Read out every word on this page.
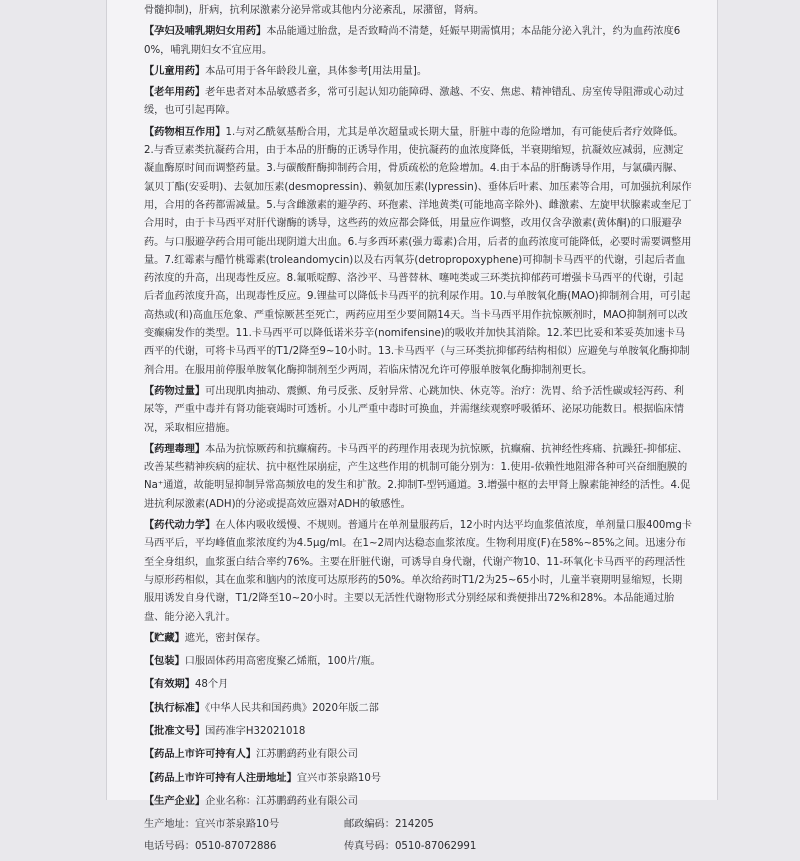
骨髓抑制)，肝病，抗利尿激素分泌异常或其他内分泌紊乱，尿潴留，肾病。

【孕妇及哺乳期妇女用药】本品能通过胎盘，是否致畸尚不清楚，妊娠早期需慎用；本品能分泌入乳汁，约为血药浓度60%，哺乳期妇女不宜应用。

【儿童用药】本品可用于各年龄段儿童，具体参考[用法用量]。

【老年用药】老年患者对本品敏感者多，常可引起认知功能障碍、激越、不安、焦虑、精神错乱、房室传导阻滞或心动过缓，也可引起再障。

【药物相互作用】1.与对乙酰氨基酚合用，尤其是单次超量或长期大量，肝脏中毒的危险增加，有可能使后者疗效降低。2.与香豆素类抗凝药合用，由于本品的肝酶的正诱导作用，使抗凝药的血浓度降低，半衰期缩短，抗凝效应减弱，应测定凝血酶原时间而调整药量。3.与碳酸酐酶抑制药合用，骨质疏松的危险增加。4.由于本品的肝酶诱导作用，与氯磺丙脲、氯贝丁酯(安妥明)、去氨加压素(desmopressin)、赖氨加压素(lypressin)、垂体后叶素、加压素等合用，可加强抗利尿作用，合用的各药都需减量。5.与含雌激素的避孕药、环孢素、洋地黄类(可能地高辛除外)、雌激素、左旋甲状腺素或奎尼丁合用时，由于卡马西平对肝代谢酶的诱导，这些药的效应都会降低，用量应作调整，改用仅含孕激素(黄体酮)的口服避孕药。与口服避孕药合用可能出现阴道大出血。6.与多西环素(强力霉素)合用，后者的血药浓度可能降低，必要时需要调整用量。7.红霉素与醋竹桃霉素(troleandomycin)以及右丙氧芬(detropropoxyphene)可抑制卡马西平的代谢，引起后者血药浓度的升高，出现毒性反应。8.氟哌啶醇、洛沙平、马普替林、噻吨类或三环类抗抑郁药可增强卡马西平的代谢，引起后者血药浓度升高，出现毒性反应。9.锂盐可以降低卡马西平的抗利尿作用。10.与单胺氧化酶(MAO)抑制剂合用，可引起高热或(和)高血压危象、严重惊厥甚至死亡，两药应用至少要间隔14天。当卡马西平用作抗惊厥剂时，MAO抑制剂可以改变癫痫发作的类型。11.卡马西平可以降低诺米芬辛(nomifensine)的吸收并加快其消除。12.苯巴比妥和苯妥英加速卡马西平的代谢，可将卡马西平的T1/2降至9~10小时。13.卡马西平（与三环类抗抑郁药结构相似）应避免与单胺氧化酶抑制剂合用。在服用前停服单胺氧化酶抑制剂至少两周，若临床情况允许可停服单胺氧化酶抑制剂更长。

【药物过量】可出现肌肉抽动、震颤、角弓反张、反射异常、心跳加快、休克等。治疗：洗胃、给予活性碳或轻泻药、利尿等，严重中毒并有肾功能衰竭时可透析。小儿严重中毒时可换血，并需继续观察呼吸循环、泌尿功能数日。根据临床情况，采取相应措施。

【药理毒理】本品为抗惊厥药和抗癫痫药。卡马西平的药理作用表现为抗惊厥，抗癫痫、抗神经性疼痛、抗躁狂-抑郁症、改善某些精神疾病的症状、抗中枢性尿崩症，产生这些作用的机制可能分别为：1.使用-依赖性地阻滞各种可兴奋细胞膜的Na⁺通道，故能明显抑制异常高频放电的发生和扩散。2.抑制T-型钙通道。3.增强中枢的去甲肾上腺素能神经的活性。4.促进抗利尿激素(ADH)的分泌或提高效应器对ADH的敏感性。

【药代动力学】在人体内吸收缓慢、不规则。普通片在单剂量服药后，12小时内达平均血浆值浓度，单剂量口服400mg卡马西平后，平均峰值血浆浓度约为4.5μg/ml。在1~2周内达稳态血浆浓度。生物利用度(F)在58%~85%之间。迅速分布至全身组织，血浆蛋白结合率约76%。主要在肝脏代谢，可诱导自身代谢，代谢产物10、11-环氧化卡马西平的药理活性与原形药相似，其在血浆和脑内的浓度可达原形药的50%。单次给药时T1/2为25~65小时，儿童半衰期明显缩短，长期服用诱发自身代谢，T1/2降至10~20小时。主要以无活性代谢物形式分别经尿和粪便排出72%和28%。本品能通过胎盘、能分泌入乳汁。

【贮藏】遮光，密封保存。

【包装】口服固体药用高密度聚乙烯瓶，100片/瓶。

【有效期】48个月

【执行标准】《中华人民共和国药典》2020年版二部

【批准文号】国药准字H32021018

【药品上市许可持有人】江苏鹏鹞药业有限公司

【药品上市许可持有人注册地址】宜兴市茶泉路10号

【生产企业】企业名称：江苏鹏鹞药业有限公司

生产地址：宜兴市茶泉路10号	邮政编码：214205

电话号码：0510-87072886	传真号码：0510-87062991
